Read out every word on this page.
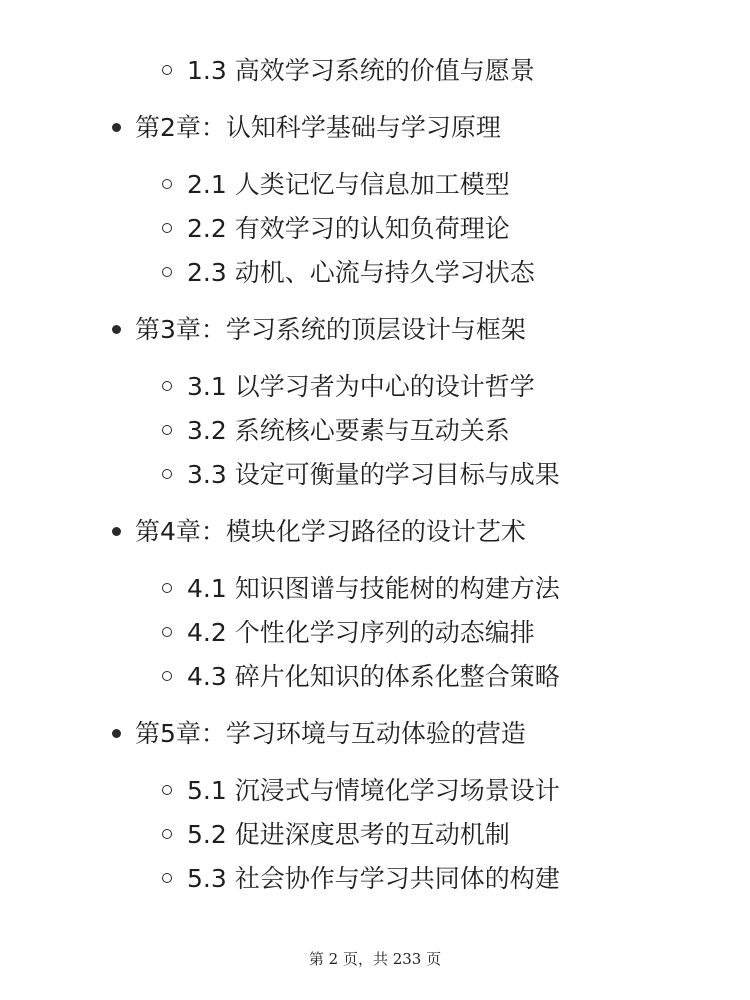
1.3 高效学习系统的价值与愿景
第2章：认知科学基础与学习原理
2.1 人类记忆与信息加工模型
2.2 有效学习的认知负荷理论
2.3 动机、心流与持久学习状态
第3章：学习系统的顶层设计与框架
3.1 以学习者为中心的设计哲学
3.2 系统核心要素与互动关系
3.3 设定可衡量的学习目标与成果
第4章：模块化学习路径的设计艺术
4.1 知识图谱与技能树的构建方法
4.2 个性化学习序列的动态编排
4.3 碎片化知识的体系化整合策略
第5章：学习环境与互动体验的营造
5.1 沉浸式与情境化学习场景设计
5.2 促进深度思考的互动机制
5.3 社会协作与学习共同体的构建
第 2 页，共 233 页
